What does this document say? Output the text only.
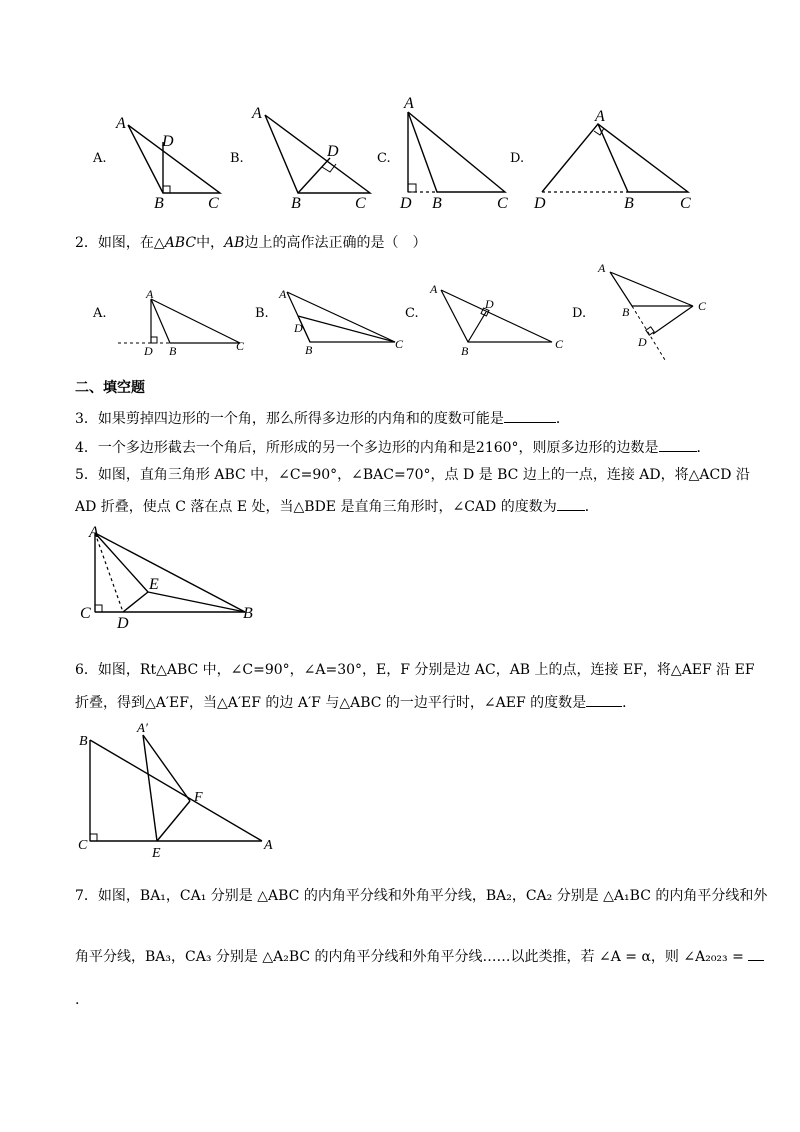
A.
A
D
B	C
B.
A
D
B	C
C.
A
D B	C
D.
A
D	B	C
2．如图，在△ABC中，AB边上的高作法正确的是（　）
A.
A
D B	C
B.
A
D
B	C
C.
A
D
B	C
D.
A
B	C
D
二、填空题
3．如果剪掉四边形的一个角，那么所得多边形的内角和的度数可能是	．
4．一个多边形截去一个角后，所形成的另一个多边形的内角和是2160°，则原多边形的边数是	．
5．如图，直角三角形 ABC 中，∠C=90°，∠BAC=70°，点 D 是 BC 边上的一点，连接 AD，将△ACD 沿
AD 折叠，使点 C 落在点 E 处，当△BDE 是直角三角形时，∠CAD 的度数为 ．
A
E
C
D
B
6．如图，Rt△ABC 中，∠C=90°，∠A=30°，E，F 分别是边 AC，AB 上的点，连接 EF，将△AEF 沿 EF
折叠，得到△A′EF，当△A′EF 的边 A′F 与△ABC 的一边平行时，∠AEF 的度数是	．
A′
B
F
C
E
A
7．如图，BA₁，CA₁ 分别是 △ABC 的内角平分线和外角平分线，BA₂，CA₂ 分别是 △A₁BC 的内角平分线和外
角平分线，BA₃，CA₃ 分别是 △A₂BC 的内角平分线和外角平分线……以此类推，若 ∠A = α，则 ∠A₂₀₂₃ =
.
